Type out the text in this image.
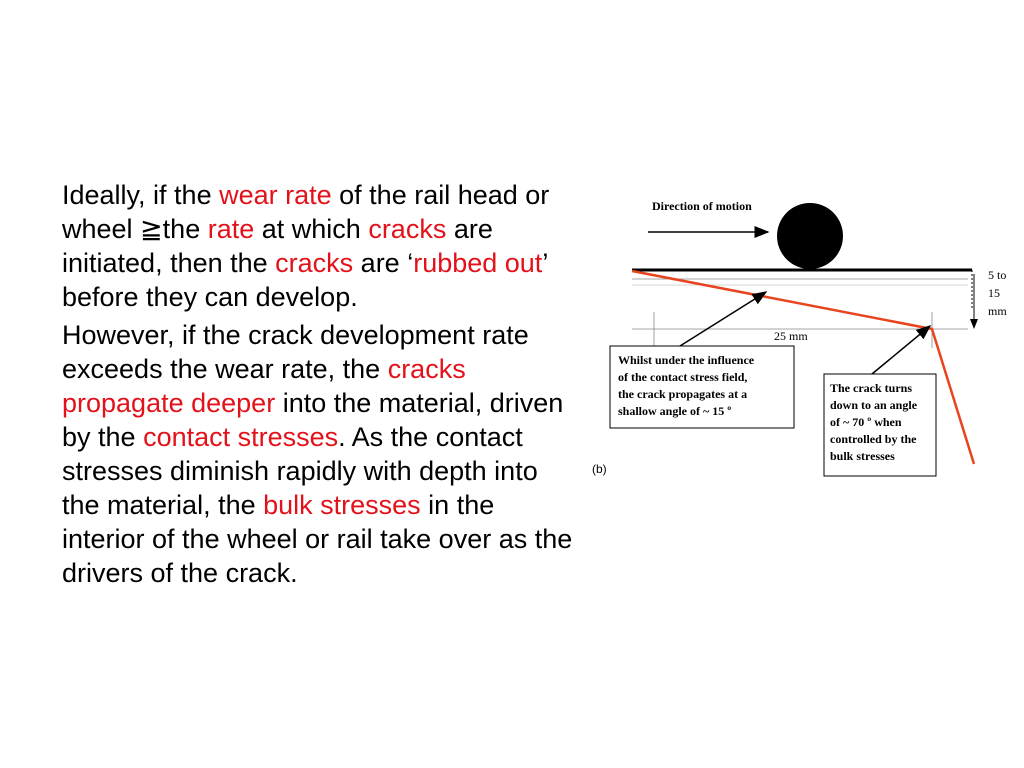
Ideally, if the wear rate of the rail head or wheel ≧the rate at which cracks are initiated, then the cracks are ‘rubbed out’ before they can develop.

However, if the crack development rate exceeds the wear rate, the cracks propagate deeper into the material, driven by the contact stresses. As the contact stresses diminish rapidly with depth into the material, the bulk stresses in the interior of the wheel or rail take over as the drivers of the crack.

Direction of motion
5 to
15
mm
25 mm
Whilst under the influence
of the contact stress field,
the crack propagates at a
shallow angle of ~ 15 º
The crack turns
down to an angle
of ~ 70 º when
controlled by the
bulk stresses
(b)
